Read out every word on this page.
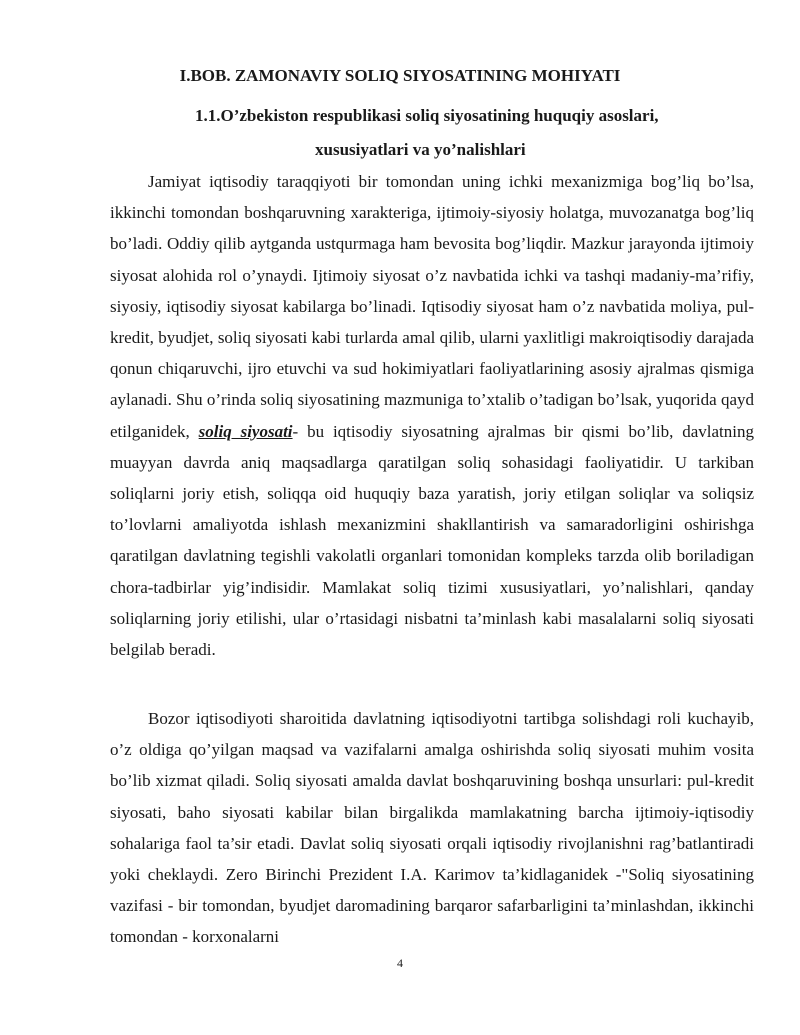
I.BOB. ZAMONAVIY SOLIQ SIYOSATINING MOHIYATI
1.1.O’zbekiston respublikasi soliq siyosatining huquqiy asoslari,
xususiyatlari va yo’nalishlari
Jamiyat iqtisodiy taraqqiyoti bir tomondan uning ichki mexanizmiga bog’liq bo’lsa, ikkinchi tomondan boshqaruvning xarakteriga, ijtimoiy-siyosiy holatga, muvozanatga bog’liq bo’ladi. Oddiy qilib aytganda ustqurmaga ham bevosita bog’liqdir. Mazkur jarayonda ijtimoiy siyosat alohida rol o’ynaydi. Ijtimoiy siyosat o’z navbatida ichki va tashqi madaniy-ma’rifiy, siyosiy, iqtisodiy siyosat kabilarga bo’linadi. Iqtisodiy siyosat ham o’z navbatida moliya, pul-kredit, byudjet, soliq siyosati kabi turlarda amal qilib, ularni yaxlitligi makroiqtisodiy darajada qonun chiqaruvchi, ijro etuvchi va sud hokimiyatlari faoliyatlarining asosiy ajralmas qismiga aylanadi. Shu o’rinda soliq siyosatining mazmuniga to’xtalib o’tadigan bo’lsak, yuqorida qayd etilganidek, soliq siyosati- bu iqtisodiy siyosatning ajralmas bir qismi bo’lib, davlatning muayyan davrda aniq maqsadlarga qaratilgan soliq sohasidagi faoliyatidir. U tarkiban soliqlarni joriy etish, soliqqa oid huquqiy baza yaratish, joriy etilgan soliqlar va soliqsiz to’lovlarni amaliyotda ishlash mexanizmini shakllantirish va samaradorligini oshirishga qaratilgan davlatning tegishli vakolatli organlari tomonidan kompleks tarzda olib boriladigan chora-tadbirlar yig’indisidir. Mamlakat soliq tizimi xususiyatlari, yo’nalishlari, qanday soliqlarning joriy etilishi, ular o’rtasidagi nisbatni ta’minlash kabi masalalarni soliq siyosati belgilab beradi.
Bozor iqtisodiyoti sharoitida davlatning iqtisodiyotni tartibga solishdagi roli kuchayib, o’z oldiga qo’yilgan maqsad va vazifalarni amalga oshirishda soliq siyosati muhim vosita bo’lib xizmat qiladi. Soliq siyosati amalda davlat boshqaruvining boshqa unsurlari: pul-kredit siyosati, baho siyosati kabilar bilan birgalikda mamlakatning barcha ijtimoiy-iqtisodiy sohalariga faol ta’sir etadi. Davlat soliq siyosati orqali iqtisodiy rivojlanishni rag’batlantiradi yoki cheklaydi. Zero Birinchi Prezident I.A. Karimov ta’kidlaganidek -"Soliq siyosatining vazifasi - bir tomondan, byudjet daromadining barqaror safarbarligini ta’minlashdan, ikkinchi tomondan - korxonalarni
4
